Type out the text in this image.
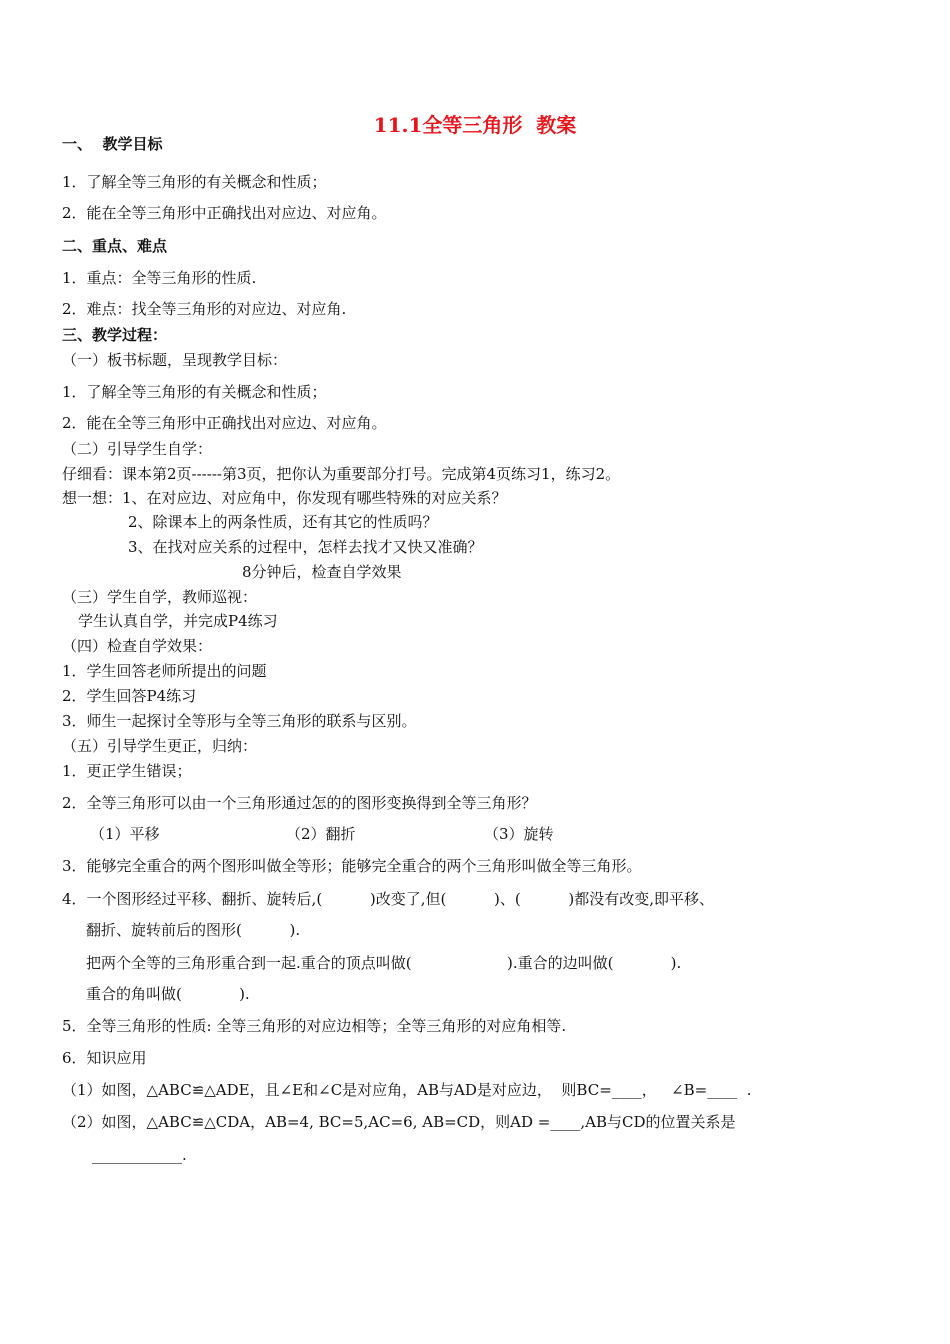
11.1全等三角形  教案
一、  教学目标
1．了解全等三角形的有关概念和性质；
2．能在全等三角形中正确找出对应边、对应角。
二、重点、难点
1．重点：全等三角形的性质.
2．难点：找全等三角形的对应边、对应角.
三、教学过程：
（一）板书标题，呈现教学目标：
1．了解全等三角形的有关概念和性质；
2．能在全等三角形中正确找出对应边、对应角。
（二）引导学生自学：
仔细看：课本第2页------第3页，把你认为重要部分打号。完成第4页练习1，练习2。
想一想：1、在对应边、对应角中，你发现有哪些特殊的对应关系？
2、除课本上的两条性质，还有其它的性质吗？
3、在找对应关系的过程中，怎样去找才又快又准确？
8分钟后，检查自学效果
（三）学生自学，教师巡视：
学生认真自学，并完成P4练习
（四）检查自学效果：
1．学生回答老师所提出的问题
2．学生回答P4练习
3．师生一起探讨全等形与全等三角形的联系与区别。
（五）引导学生更正，归纳：
1．更正学生错误；
2．全等三角形可以由一个三角形通过怎的的图形变换得到全等三角形？
（1）平移	（2）翻折	（3）旋转
3．能够完全重合的两个图形叫做全等形；能够完全重合的两个三角形叫做全等三角形。
4．一个图形经过平移、翻折、旋转后,(          )改变了,但(          )、(          )都没有改变,即平移、
翻折、旋转前后的图形(          ).
把两个全等的三角形重合到一起.重合的顶点叫做(                    ).重合的边叫做(            ).
重合的角叫做(            ).
5．全等三角形的性质: 全等三角形的对应边相等；全等三角形的对应角相等.
6．知识应用
（1）如图，△ABC≌△ADE，且∠E和∠C是对应角，AB与AD是对应边，  则BC=____，   ∠B=____  .
（2）如图，△ABC≌△CDA，AB=4, BC=5,AC=6, AB=CD，则AD =____,AB与CD的位置关系是
____________.
